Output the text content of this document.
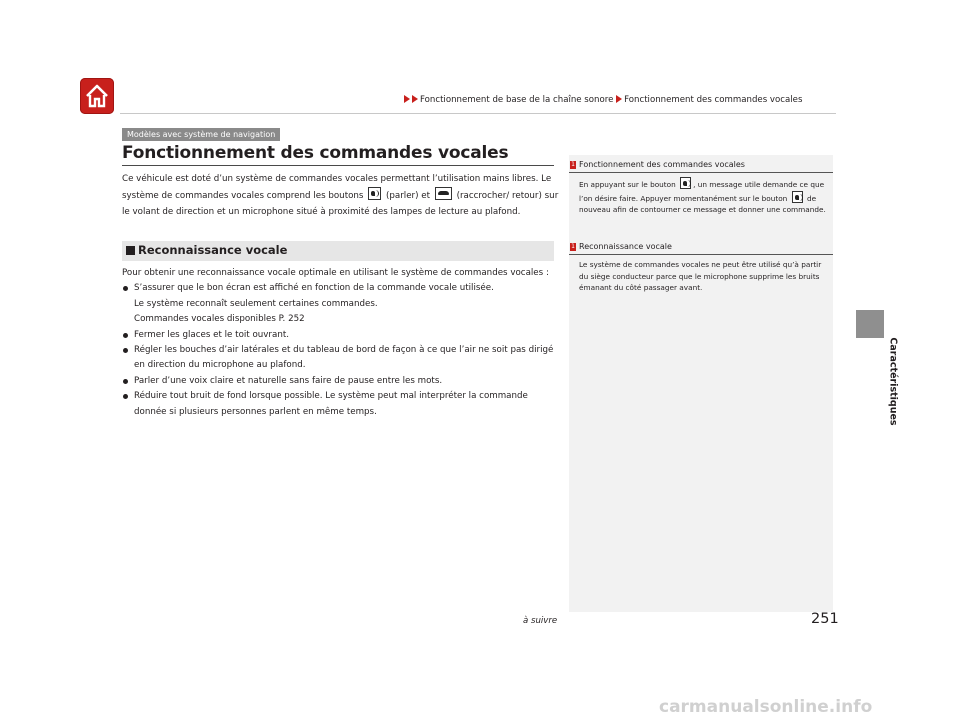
Fonctionnement de base de la chaîne sonore Fonctionnement des commandes vocales
Modèles avec système de navigation
Fonctionnement des commandes vocales
Ce véhicule est doté d’un système de commandes vocales permettant l’utilisation mains libres. Le système de commandes vocales comprend les boutons	(parler) et	(raccrocher/ retour) sur le volant de direction et un microphone situé à proximité des lampes de lecture au plafond.
Reconnaissance vocale
Pour obtenir une reconnaissance vocale optimale en utilisant le système de commandes vocales :
S’assurer que le bon écran est affiché en fonction de la commande vocale utilisée.
Le système reconnaît seulement certaines commandes.
Commandes vocales disponibles P. 252
Fermer les glaces et le toit ouvrant.
Régler les bouches d’air latérales et du tableau de bord de façon à ce que l’air ne soit pas dirigé en direction du microphone au plafond.
Parler d’une voix claire et naturelle sans faire de pause entre les mots.
Réduire tout bruit de fond lorsque possible. Le système peut mal interpréter la commande donnée si plusieurs personnes parlent en même temps.
1 Fonctionnement des commandes vocales
En appuyant sur le bouton , un message utile demande ce que l’on désire faire. Appuyer momentanément sur le bouton	de nouveau afin de contourner ce message et donner une commande.
1 Reconnaissance vocale
Le système de commandes vocales ne peut être utilisé qu’à partir du siège conducteur parce que le microphone supprime les bruits émanant du côté passager avant.
Caractéristiques
à suivre	251
carmanualsonline.info
